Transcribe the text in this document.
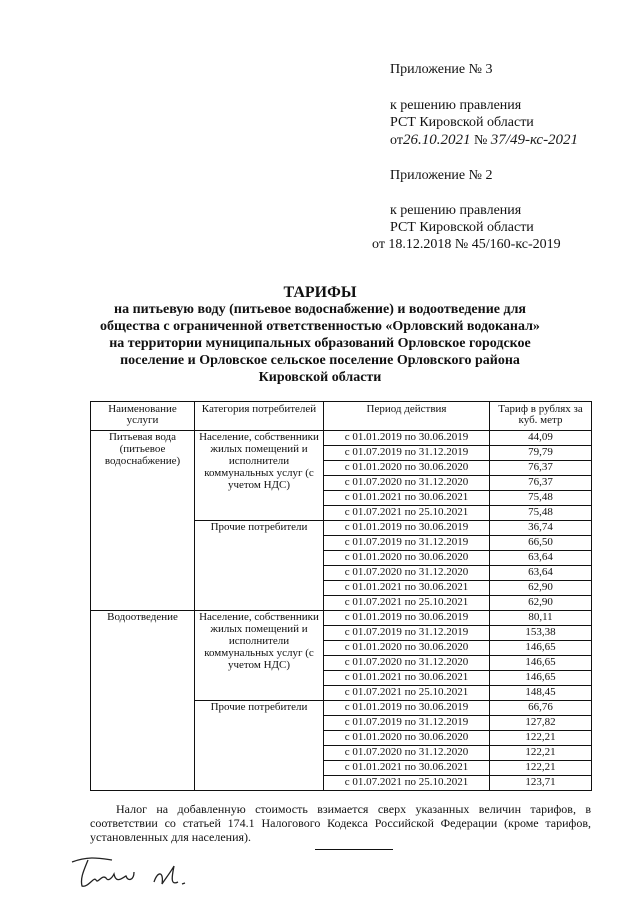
Приложение № 3
к решению правления
РСТ Кировской области
от26.10.2021 № 37/49-кс-2021
Приложение № 2
к решению правления
РСТ Кировской области
от 18.12.2018 № 45/160-кс-2019
ТАРИФЫ
на питьевую воду (питьевое водоснабжение) и водоотведение для
общества с ограниченной ответственностью «Орловский водоканал»
на территории муниципальных образований Орловское городское
поселение и Орловское сельское поселение Орловского района
Кировской области
Наименование услуги	Категория потребителей	Период действия	Тариф в рублях за куб. метр
Питьевая вода (питьевое водоснабжение)	Население, собственники жилых помещений и исполнители коммунальных услуг (с учетом НДС)	с 01.01.2019 по 30.06.2019	44,09
		с 01.07.2019 по 31.12.2019	79,79
		с 01.01.2020 по 30.06.2020	76,37
		с 01.07.2020 по 31.12.2020	76,37
		с 01.01.2021 по 30.06.2021	75,48
		с 01.07.2021 по 25.10.2021	75,48
	Прочие потребители	с 01.01.2019 по 30.06.2019	36,74
		с 01.07.2019 по 31.12.2019	66,50
		с 01.01.2020 по 30.06.2020	63,64
		с 01.07.2020 по 31.12.2020	63,64
		с 01.01.2021 по 30.06.2021	62,90
		с 01.07.2021 по 25.10.2021	62,90
Водоотведение	Население, собственники жилых помещений и исполнители коммунальных услуг (с учетом НДС)	с 01.01.2019 по 30.06.2019	80,11
		с 01.07.2019 по 31.12.2019	153,38
		с 01.01.2020 по 30.06.2020	146,65
		с 01.07.2020 по 31.12.2020	146,65
		с 01.01.2021 по 30.06.2021	146,65
		с 01.07.2021 по 25.10.2021	148,45
	Прочие потребители	с 01.01.2019 по 30.06.2019	66,76
		с 01.07.2019 по 31.12.2019	127,82
		с 01.01.2020 по 30.06.2020	122,21
		с 01.07.2020 по 31.12.2020	122,21
		с 01.01.2021 по 30.06.2021	122,21
		с 01.07.2021 по 25.10.2021	123,71
Налог на добавленную стоимость взимается сверх указанных величин тарифов, в соответствии со статьей 174.1 Налогового Кодекса Российской Федерации (кроме тарифов, установленных для населения).
